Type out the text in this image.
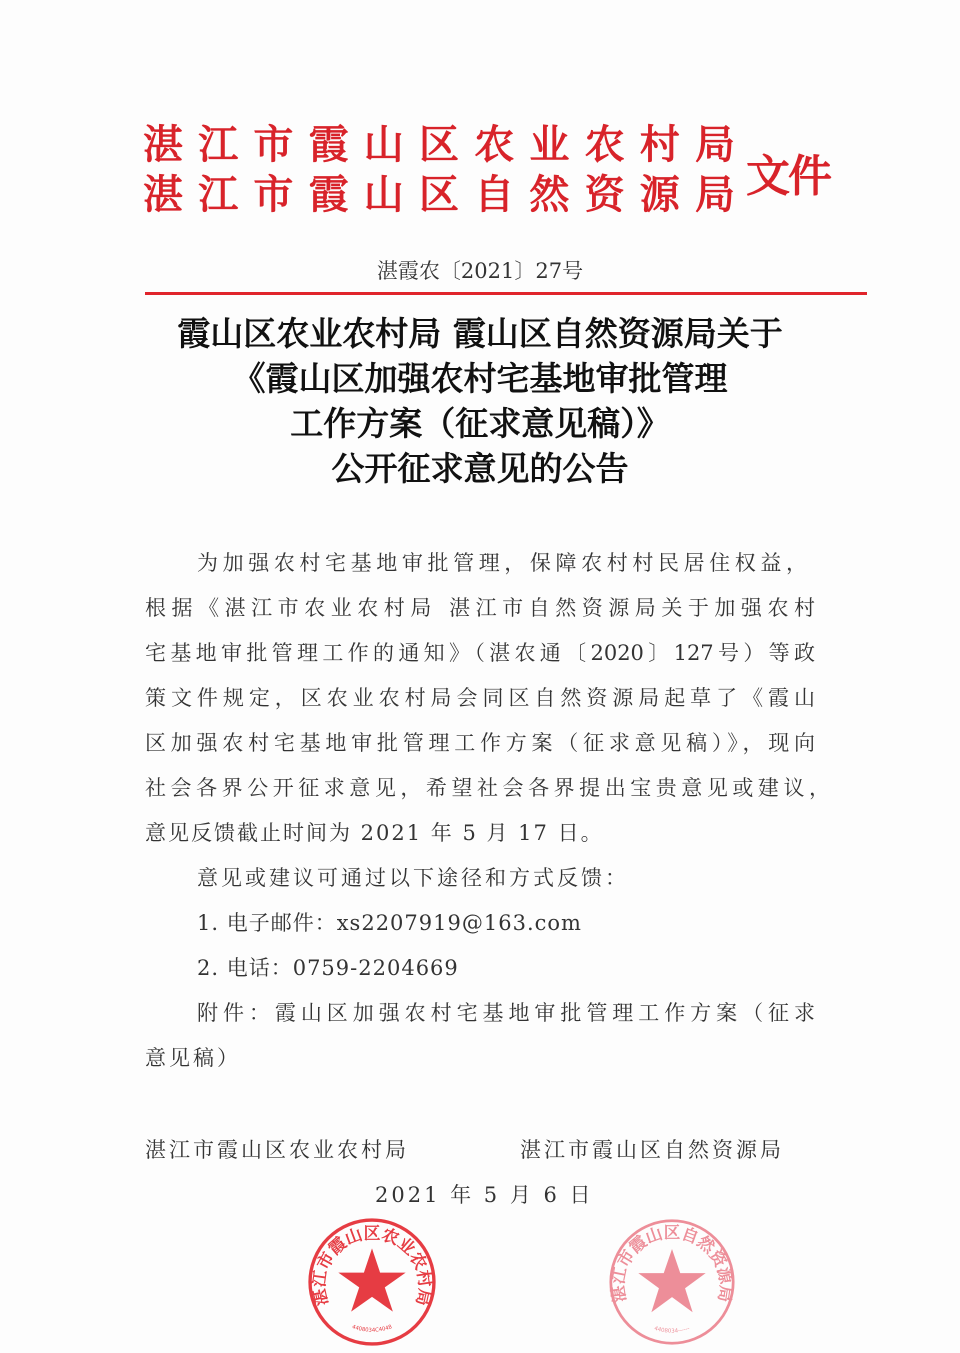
湛江市霞山区农业农村局
湛江市霞山区自然资源局 文件
湛霞农〔2021〕27号
霞山区农业农村局 霞山区自然资源局关于
《霞山区加强农村宅基地审批管理
工作方案（征求意见稿）》
公开征求意见的公告
为加强农村宅基地审批管理，保障农村村民居住权益，
根据《湛江市农业农村局 湛江市自然资源局关于加强农村
宅基地审批管理工作的通知》（湛农通〔2020〕127号）等政
策文件规定，区农业农村局会同区自然资源局起草了《霞山
区加强农村宅基地审批管理工作方案（征求意见稿）》，现向
社会各界公开征求意见，希望社会各界提出宝贵意见或建议，
意见反馈截止时间为 2021 年 5 月 17 日。
意见或建议可通过以下途径和方式反馈：
1. 电子邮件：xs2207919@163.com
2. 电话：0759-2204669
附件：霞山区加强农村宅基地审批管理工作方案（征求
意见稿）
湛江市霞山区农业农村局	湛江市霞山区自然资源局
2021 年 5 月 6 日
湛江市霞山区农业农村局
4408034C4048
湛江市霞山区自然资源局
4408034------
